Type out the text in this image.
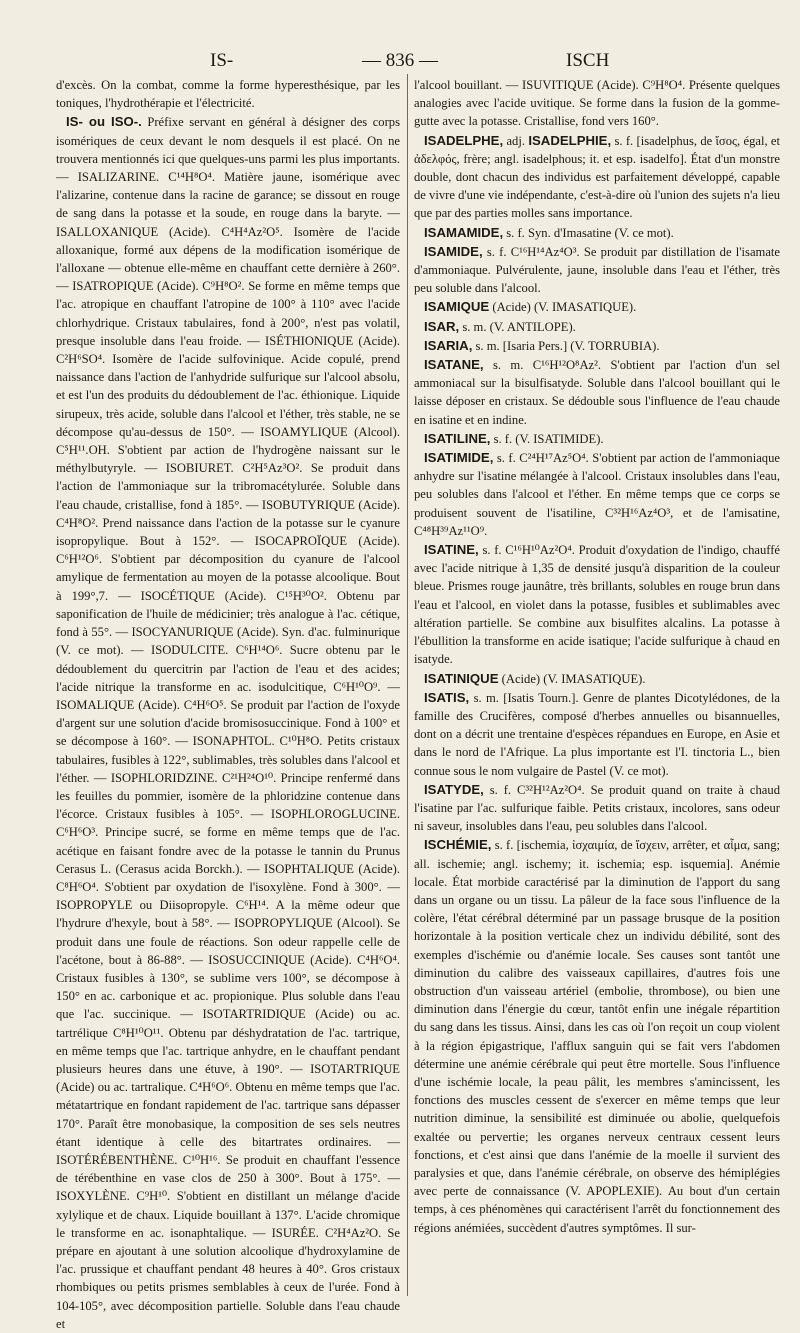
IS-	— 836 —	ISCH

d'excès. On la combat, comme la forme hyperesthésique, par les toniques, l'hydrothérapie et l'électricité.

IS- ou ISO-. Préfixe servant en général à désigner des corps isomériques de ceux devant le nom desquels il est placé. On ne trouvera mentionnés ici que quelques-uns parmi les plus importants. — ISALIZARINE. C¹⁴H⁸O⁴. Matière jaune, isomérique avec l'alizarine, contenue dans la racine de garance; se dissout en rouge de sang dans la potasse et la soude, en rouge dans la baryte. — ISALLOXANIQUE (Acide). C⁴H⁴Az²O⁵. Isomère de l'acide alloxanique, formé aux dépens de la modification isomérique de l'alloxane — obtenue elle-même en chauffant cette dernière à 260°. — ISATROPIQUE (Acide). C⁹H⁸O². Se forme en même temps que l'ac. atropique en chauffant l'atropine de 100° à 110° avec l'acide chlorhydrique. Cristaux tabulaires, fond à 200°, n'est pas volatil, presque insoluble dans l'eau froide. — ISÉTHIONIQUE (Acide). C²H⁶SO⁴. Isomère de l'acide sulfovinique. Acide copulé, prend naissance dans l'action de l'anhydride sulfurique sur l'alcool absolu, et est l'un des produits du dédoublement de l'ac. éthionique. Liquide sirupeux, très acide, soluble dans l'alcool et l'éther, très stable, ne se décompose qu'au-dessus de 150°. — ISOAMYLIQUE (Alcool). C⁵H¹¹.OH. S'obtient par action de l'hydrogène naissant sur le méthylbutyryle. — ISOBIURET. C²H⁵Az³O². Se produit dans l'action de l'ammoniaque sur la tribromacétylurée. Soluble dans l'eau chaude, cristallise, fond à 185°. — ISOBUTYRIQUE (Acide). C⁴H⁸O². Prend naissance dans l'action de la potasse sur le cyanure isopropylique. Bout à 152°. — ISOCAPROÏQUE (Acide). C⁶H¹²O⁶. S'obtient par décomposition du cyanure de l'alcool amylique de fermentation au moyen de la potasse alcoolique. Bout à 199°,7. — ISOCÉTIQUE (Acide). C¹⁵H³⁰O². Obtenu par saponification de l'huile de médicinier; très analogue à l'ac. cétique, fond à 55°. — ISOCYANURIQUE (Acide). Syn. d'ac. fulminurique (V. ce mot). — ISODULCITE. C⁶H¹⁴O⁶. Sucre obtenu par le dédoublement du quercitrin par l'action de l'eau et des acides; l'acide nitrique la transforme en ac. isodulcitique, C⁶H¹⁰O⁹. — ISOMALIQUE (Acide). C⁴H⁶O⁵. Se produit par l'action de l'oxyde d'argent sur une solution d'acide bromisosuccinique. Fond à 100° et se décompose à 160°. — ISONAPHTOL. C¹⁰H⁸O. Petits cristaux tabulaires, fusibles à 122°, sublimables, très solubles dans l'alcool et l'éther. — ISOPHLORIDZINE. C²¹H²⁴O¹⁰. Principe renfermé dans les feuilles du pommier, isomère de la phloridzine contenue dans l'écorce. Cristaux fusibles à 105°. — ISOPHLOROGLUCINE. C⁶H⁶O³. Principe sucré, se forme en même temps que de l'ac. acétique en faisant fondre avec de la potasse le tannin du Prunus Cerasus L. (Cerasus acida Borckh.). — ISOPHTALIQUE (Acide). C⁸H⁶O⁴. S'obtient par oxydation de l'isoxylène. Fond à 300°. — ISOPROPYLE ou Diisopropyle. C⁶H¹⁴. A la même odeur que l'hydrure d'hexyle, bout à 58°. — ISOPROPYLIQUE (Alcool). Se produit dans une foule de réactions. Son odeur rappelle celle de l'acétone, bout à 86-88°. — ISOSUCCINIQUE (Acide). C⁴H⁶O⁴. Cristaux fusibles à 130°, se sublime vers 100°, se décompose à 150° en ac. carbonique et ac. propionique. Plus soluble dans l'eau que l'ac. succinique. — ISOTARTRIDIQUE (Acide) ou ac. tartrélique C⁸H¹⁰O¹¹. Obtenu par déshydratation de l'ac. tartrique, en même temps que l'ac. tartrique anhydre, en le chauffant pendant plusieurs heures dans une étuve, à 190°. — ISOTARTRIQUE (Acide) ou ac. tartralique. C⁴H⁶O⁶. Obtenu en même temps que l'ac. métatartrique en fondant rapidement de l'ac. tartrique sans dépasser 170°. Paraît être monobasique, la composition de ses sels neutres étant identique à celle des bitartrates ordinaires. — ISOTÉRÉBENTHÈNE. C¹⁰H¹⁶. Se produit en chauffant l'essence de térébenthine en vase clos de 250 à 300°. Bout à 175°. — ISOXYLÈNE. C⁹H¹⁰. S'obtient en distillant un mélange d'acide xylylique et de chaux. Liquide bouillant à 137°. L'acide chromique le transforme en ac. isonaphtalique. — ISURÉE. C²H⁴Az²O. Se prépare en ajoutant à une solution alcoolique d'hydroxylamine de l'ac. prussique et chauffant pendant 48 heures à 40°. Gros cristaux rhombiques ou petits prismes semblables à ceux de l'urée. Fond à 104-105°, avec décomposition partielle. Soluble dans l'eau chaude et

l'alcool bouillant. — ISUVITIQUE (Acide). C⁹H⁸O⁴. Présente quelques analogies avec l'acide uvitique. Se forme dans la fusion de la gomme-gutte avec la potasse. Cristallise, fond vers 160°.

ISADELPHE, adj. ISADELPHIE, s. f. [isadelphus, de ἴσος, égal, et ἀδελφός, frère; angl. isadelphous; it. et esp. isadelfo]. État d'un monstre double, dont chacun des individus est parfaitement développé, capable de vivre d'une vie indépendante, c'est-à-dire où l'union des sujets n'a lieu que par des parties molles sans importance.

ISAMAMIDE, s. f. Syn. d'Imasatine (V. ce mot).

ISAMIDE, s. f. C¹⁶H¹⁴Az⁴O³. Se produit par distillation de l'isamate d'ammoniaque. Pulvérulente, jaune, insoluble dans l'eau et l'éther, très peu soluble dans l'alcool.

ISAMIQUE (Acide) (V. IMASATIQUE).

ISAR, s. m. (V. ANTILOPE).

ISARIA, s. m. [Isaria Pers.] (V. TORRUBIA).

ISATANE, s. m. C¹⁶H¹²O⁸Az². S'obtient par l'action d'un sel ammoniacal sur la bisulfisatyde. Soluble dans l'alcool bouillant qui le laisse déposer en cristaux. Se dédouble sous l'influence de l'eau chaude en isatine et en indine.

ISATILINE, s. f. (V. ISATIMIDE).

ISATIMIDE, s. f. C²⁴H¹⁷Az⁵O⁴. S'obtient par action de l'ammoniaque anhydre sur l'isatine mélangée à l'alcool. Cristaux insolubles dans l'eau, peu solubles dans l'alcool et l'éther. En même temps que ce corps se produisent souvent de l'isatiline, C³²H¹⁶Az⁴O³, et de l'amisatine, C⁴⁸H³⁹Az¹¹O⁹.

ISATINE, s. f. C¹⁶H¹⁰Az²O⁴. Produit d'oxydation de l'indigo, chauffé avec l'acide nitrique à 1,35 de densité jusqu'à disparition de la couleur bleue. Prismes rouge jaunâtre, très brillants, solubles en rouge brun dans l'eau et l'alcool, en violet dans la potasse, fusibles et sublimables avec altération partielle. Se combine aux bisulfites alcalins. La potasse à l'ébullition la transforme en acide isatique; l'acide sulfurique à chaud en isatyde.

ISATINIQUE (Acide) (V. IMASATIQUE).

ISATIS, s. m. [Isatis Tourn.]. Genre de plantes Dicotylédones, de la famille des Crucifères, composé d'herbes annuelles ou bisannuelles, dont on a décrit une trentaine d'espèces répandues en Europe, en Asie et dans le nord de l'Afrique. La plus importante est l'I. tinctoria L., bien connue sous le nom vulgaire de Pastel (V. ce mot).

ISATYDE, s. f. C³²H¹²Az²O⁴. Se produit quand on traite à chaud l'isatine par l'ac. sulfurique faible. Petits cristaux, incolores, sans odeur ni saveur, insolubles dans l'eau, peu solubles dans l'alcool.

ISCHÉMIE, s. f. [ischemia, ἰσχαιμία, de ἴσχειν, arrêter, et αἷμα, sang; all. ischemie; angl. ischemy; it. ischemia; esp. isquemia]. Anémie locale. État morbide caractérisé par la diminution de l'apport du sang dans un organe ou un tissu. La pâleur de la face sous l'influence de la colère, l'état cérébral déterminé par un passage brusque de la position horizontale à la position verticale chez un individu débilité, sont des exemples d'ischémie ou d'anémie locale. Ses causes sont tantôt une diminution du calibre des vaisseaux capillaires, d'autres fois une obstruction d'un vaisseau artériel (embolie, thrombose), ou bien une diminution dans l'énergie du cœur, tantôt enfin une inégale répartition du sang dans les tissus. Ainsi, dans les cas où l'on reçoit un coup violent à la région épigastrique, l'afflux sanguin qui se fait vers l'abdomen détermine une anémie cérébrale qui peut être mortelle. Sous l'influence d'une ischémie locale, la peau pâlit, les membres s'amincissent, les fonctions des muscles cessent de s'exercer en même temps que leur nutrition diminue, la sensibilité est diminuée ou abolie, quelquefois exaltée ou pervertie; les organes nerveux centraux cessent leurs fonctions, et c'est ainsi que dans l'anémie de la moelle il survient des paralysies et que, dans l'anémie cérébrale, on observe des hémiplégies avec perte de connaissance (V. APOPLEXIE). Au bout d'un certain temps, à ces phénomènes qui caractérisent l'arrêt du fonctionnement des régions anémiées, succèdent d'autres symptômes. Il sur-
